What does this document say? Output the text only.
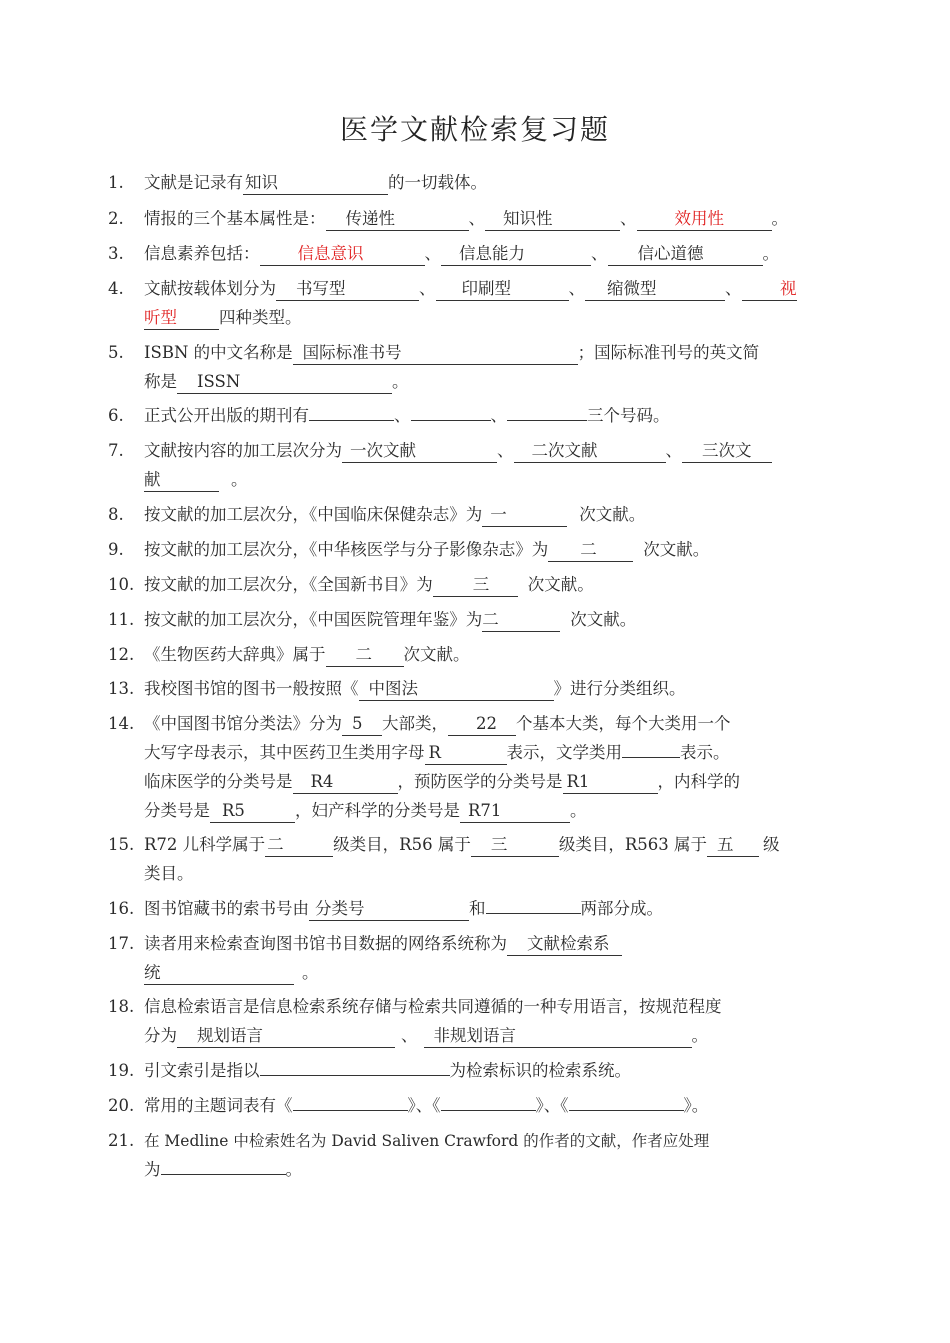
医学文献检索复习题
1.	文献是记录有 知识	的一切载体。
2.	情报的三个基本属性是： 传递性	、 知识性	、 效用性	。
3.	信息素养包括： 信息意识	、 信息能力	、 信心道德	。
4.	文献按载体划分为 书写型	、 印刷型	、 缩微型	、 视
听型	四种类型。
5.	ISBN 的中文名称是 国际标准书号	；国际标准刊号的英文简
称是 ISSN	。
6.	正式公开出版的期刊有	、	、	三个号码。
7.	文献按内容的加工层次分为 一次文献	、 二次文献	、 三次文
献	。
8.	按文献的加工层次分，《中国临床保健杂志》为 一	次文献。
9.	按文献的加工层次分，《中华核医学与分子影像杂志》为 二	次文献。
10. 按文献的加工层次分，《全国新书目》为 三 次文献。
11. 按文献的加工层次分，《中国医院管理年鉴》为二	次文献。
12. 《生物医药大辞典》属于 二 次文献。
13. 我校图书馆的图书一般按照《 中图法	》进行分类组织。
14. 《中国图书馆分类法》分为 5 大部类， 22 个基本大类，每个大类用一个
大写字母表示，其中医药卫生类用字母 R	表示，文学类用	表示。
临床医学的分类号是 R4	，预防医学的分类号是 R1	，内科学的
分类号是 R5	，妇产科学的分类号是 R71	。
15. R72 儿科学属于 二	级类目，R56 属于 三	级类目，R563 属于 五 级
类目。
16. 图书馆藏书的索书号由 分类号	和	两部分成。
17. 读者用来检索查询图书馆书目数据的网络系统称为 文献检索系
统	。
18. 信息检索语言是信息检索系统存储与检索共同遵循的一种专用语言，按规范程度
分为 规划语言	、 非规划语言	。
19. 引文索引是指以	为检索标识的检索系统。
20. 常用的主题词表有《	》、《	》、《	》。
21. 在 Medline 中检索姓名为 David Saliven Crawford 的作者的文献，作者应处理
为	。
